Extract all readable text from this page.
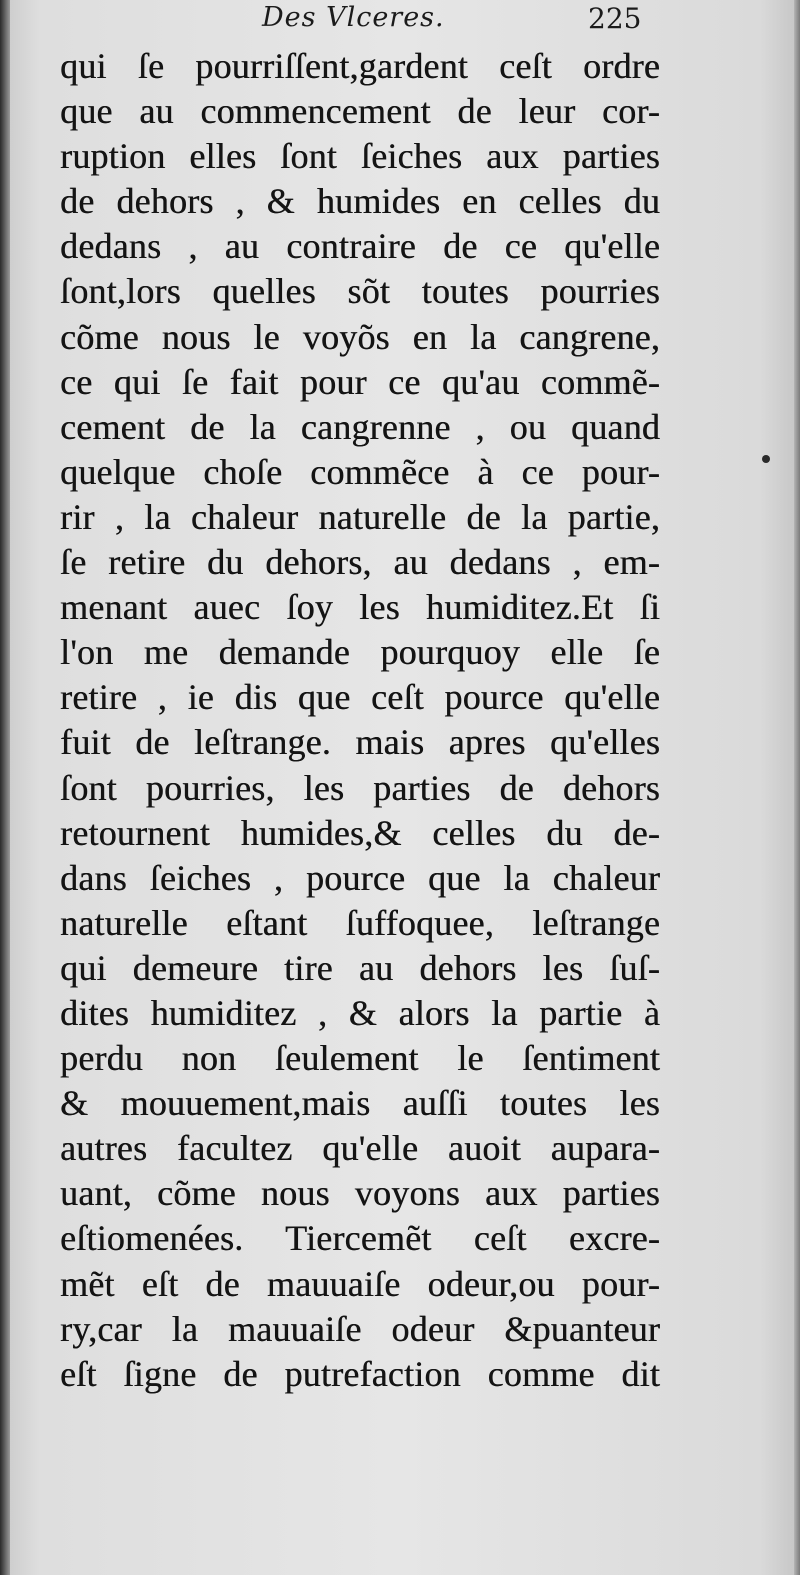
Des Vlceres.	225
qui ſe pourriſſent,gardent ceſt ordre
que au commencement de leur cor-
ruption elles ſont ſeiches aux parties
de dehors , & humides en celles du
dedans , au contraire de ce qu'elle
ſont,lors quelles sõt toutes pourries
cõme nous le voyõs en la cangrene,
ce qui ſe fait pour ce qu'au commẽ-
cement de la cangrenne , ou quand
quelque choſe commẽce à ce pour-
rir , la chaleur naturelle de la partie,
ſe retire du dehors, au dedans , em-
menant auec ſoy les humiditez.Et ſi
l'on me demande pourquoy elle ſe
retire , ie dis que ceſt pource qu'elle
fuit de leſtrange. mais apres qu'elles
ſont pourries, les parties de dehors
retournent humides,& celles du de-
dans ſeiches , pource que la chaleur
naturelle eſtant ſuffoquee, leſtrange
qui demeure tire au dehors les ſuſ-
dites humiditez , & alors la partie à
perdu non ſeulement le ſentiment
& mouuement,mais auſſi toutes les
autres facultez qu'elle auoit aupara-
uant, cõme nous voyons aux parties
eſtiomenées. Tiercemẽt ceſt excre-
mẽt eſt de mauuaiſe odeur,ou pour-
ry,car la mauuaiſe odeur &puanteur
eſt ſigne de putrefaction comme dit
